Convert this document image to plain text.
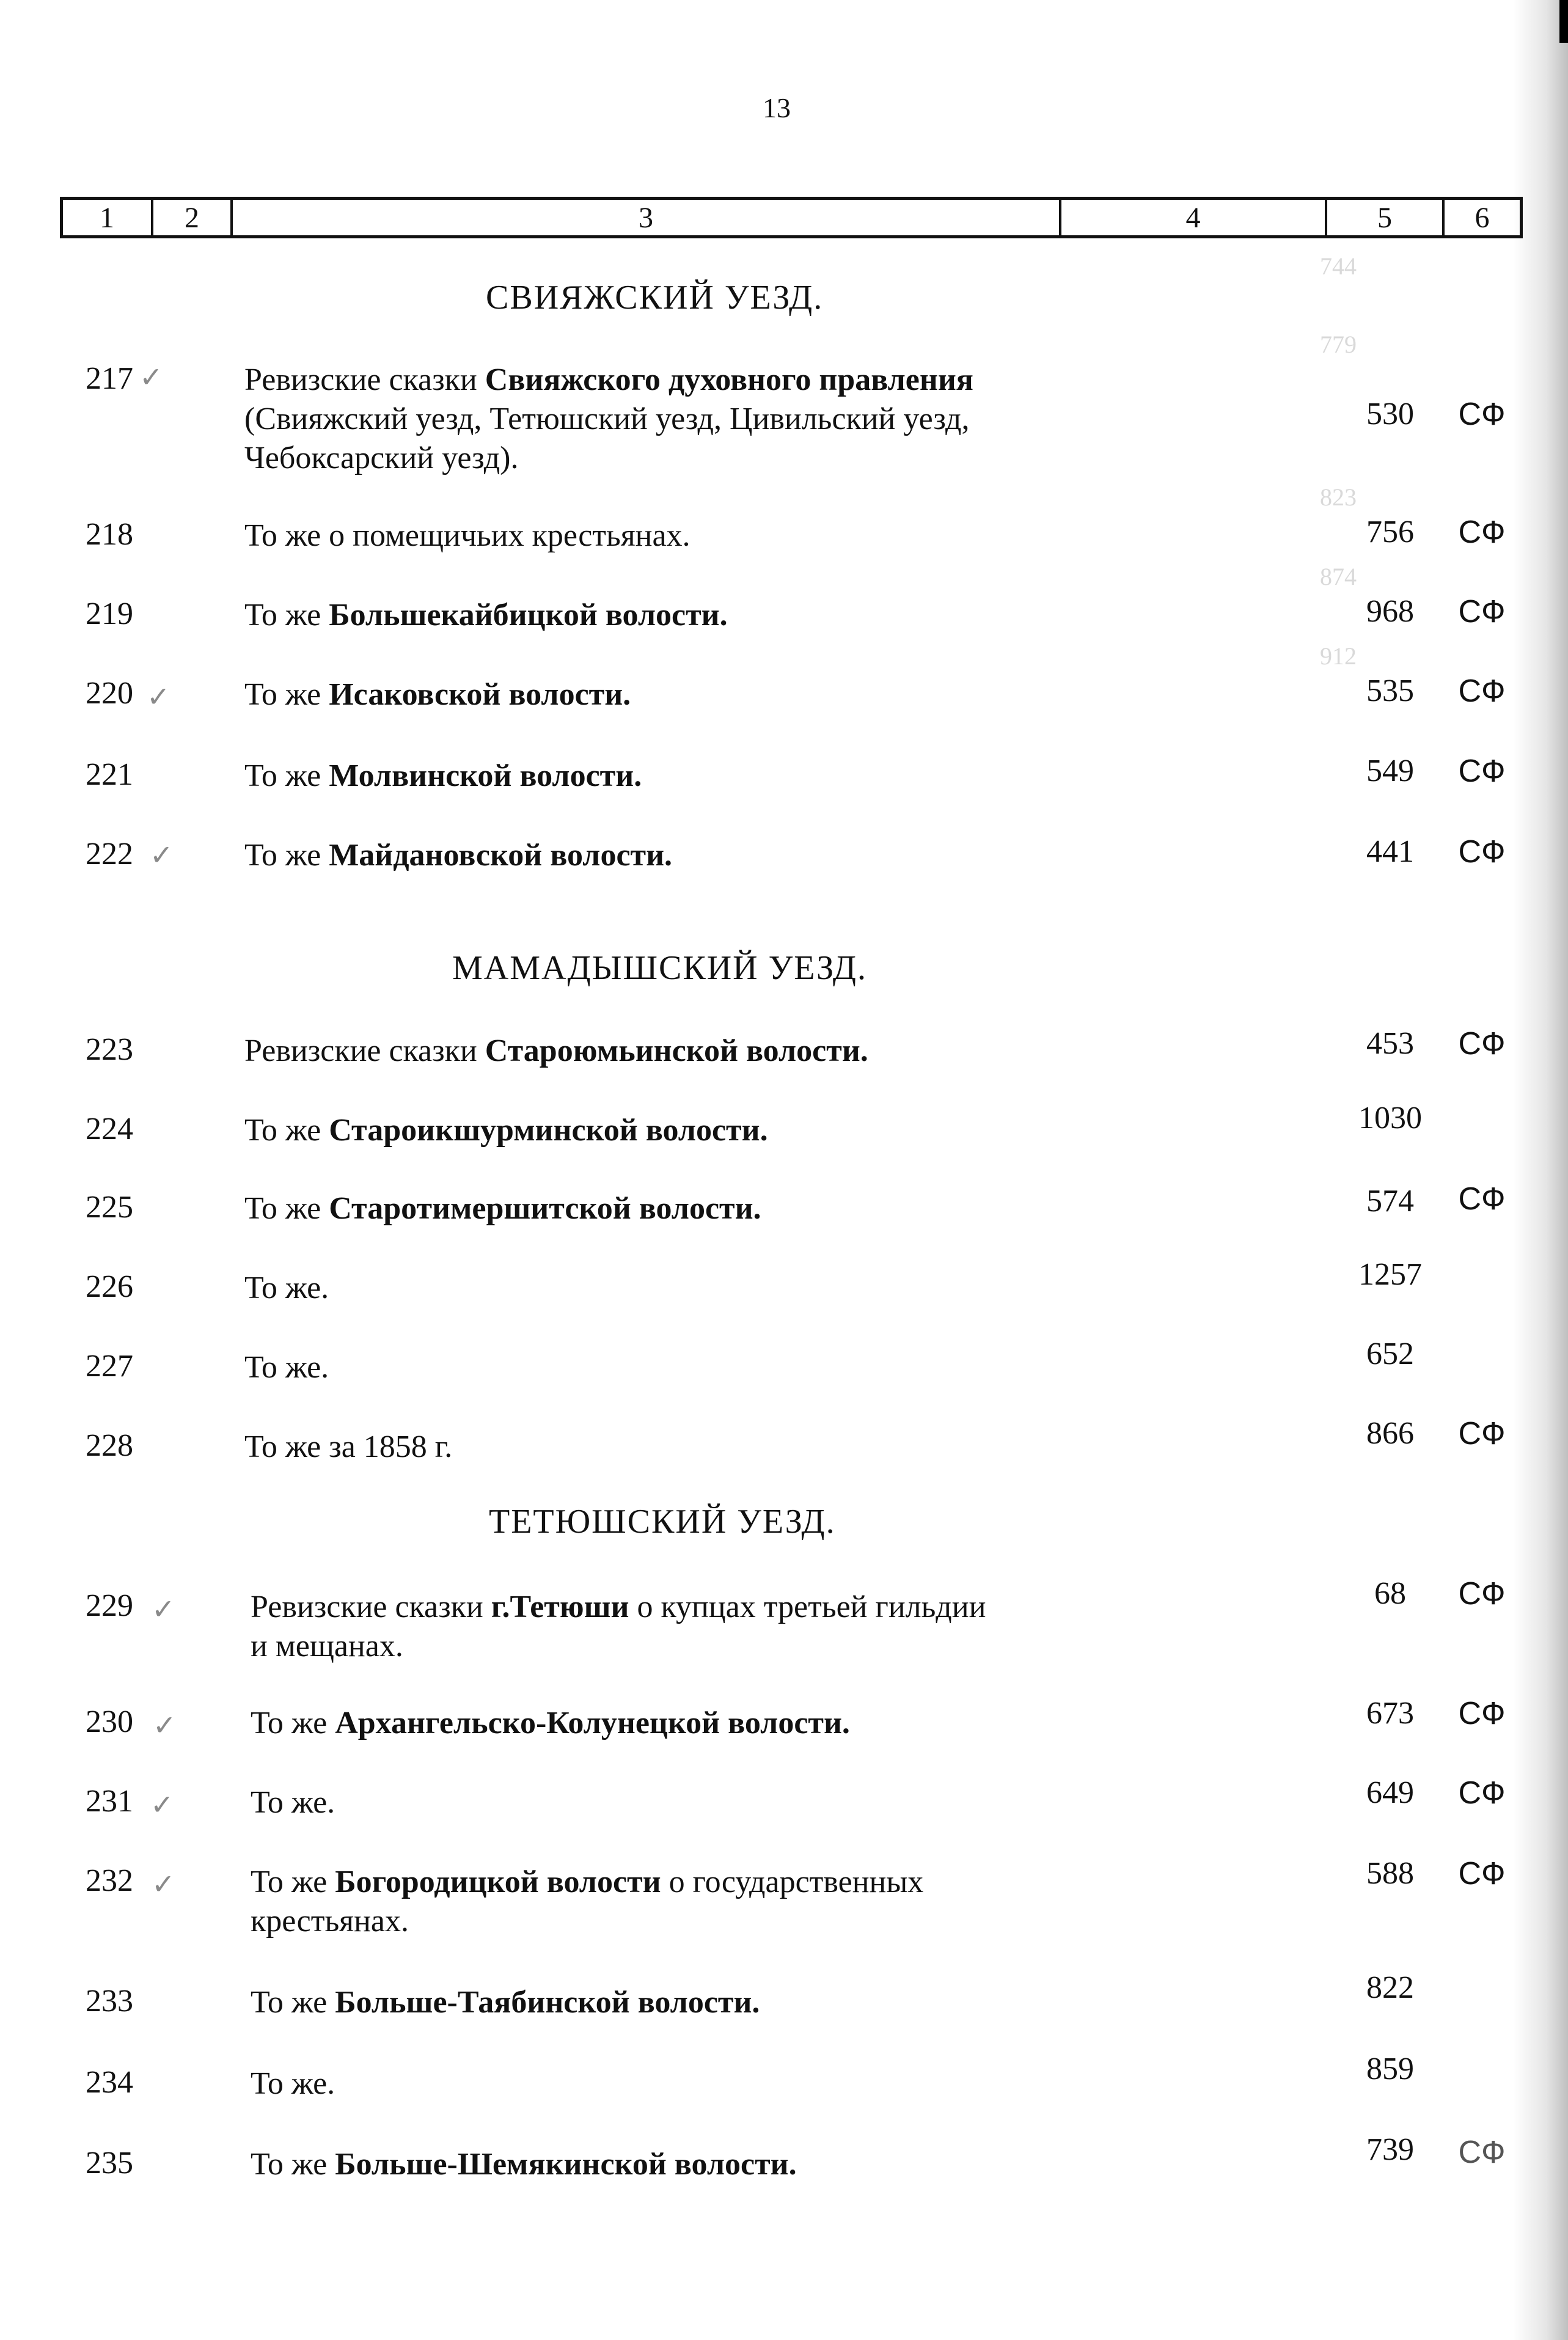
744
779
823
874
912
13
1	2	3	4	5	6
СВИЯЖСКИЙ УЕЗД.
217 ✓	Ревизские сказки Свияжского духовного правления
(Свияжский уезд, Тетюшский уезд, Цивильский уезд,
Чебоксарский уезд).
530	СФ
218	То же о помещичьих крестьянах.	756	СФ
219	То же Большекайбицкой волости.	968	СФ
220 ✓ То же Исаковской волости.	535	СФ
221	То же Молвинской волости.	549	СФ
222 ✓ То же Майдановской волости.	441	СФ
МАМАДЫШСКИЙ УЕЗД.
223	Ревизские сказки Староюмьинской волости.	453	СФ
224	То же Староикшурминской волости.	1030
225	То же Старотимершитской волости.	574	СФ
226	То же.	1257
227	То же.	652
228	То же за 1858 г.	866	СФ
ТЕТЮШСКИЙ УЕЗД.
229 ✓ Ревизские сказки г.Тетюши о купцах третьей гильдии
и мещанах.
68	СФ
230 ✓ То же Архангельско-Колунецкой волости.	673	СФ
231 ✓ То же.	649	СФ
232 ✓ То же Богородицкой волости о государственных
крестьянах.
588	СФ
233	То же Больше-Таябинской волости.	822
234	То же.	859
235	То же Больше-Шемякинской волости.	739	СФ
